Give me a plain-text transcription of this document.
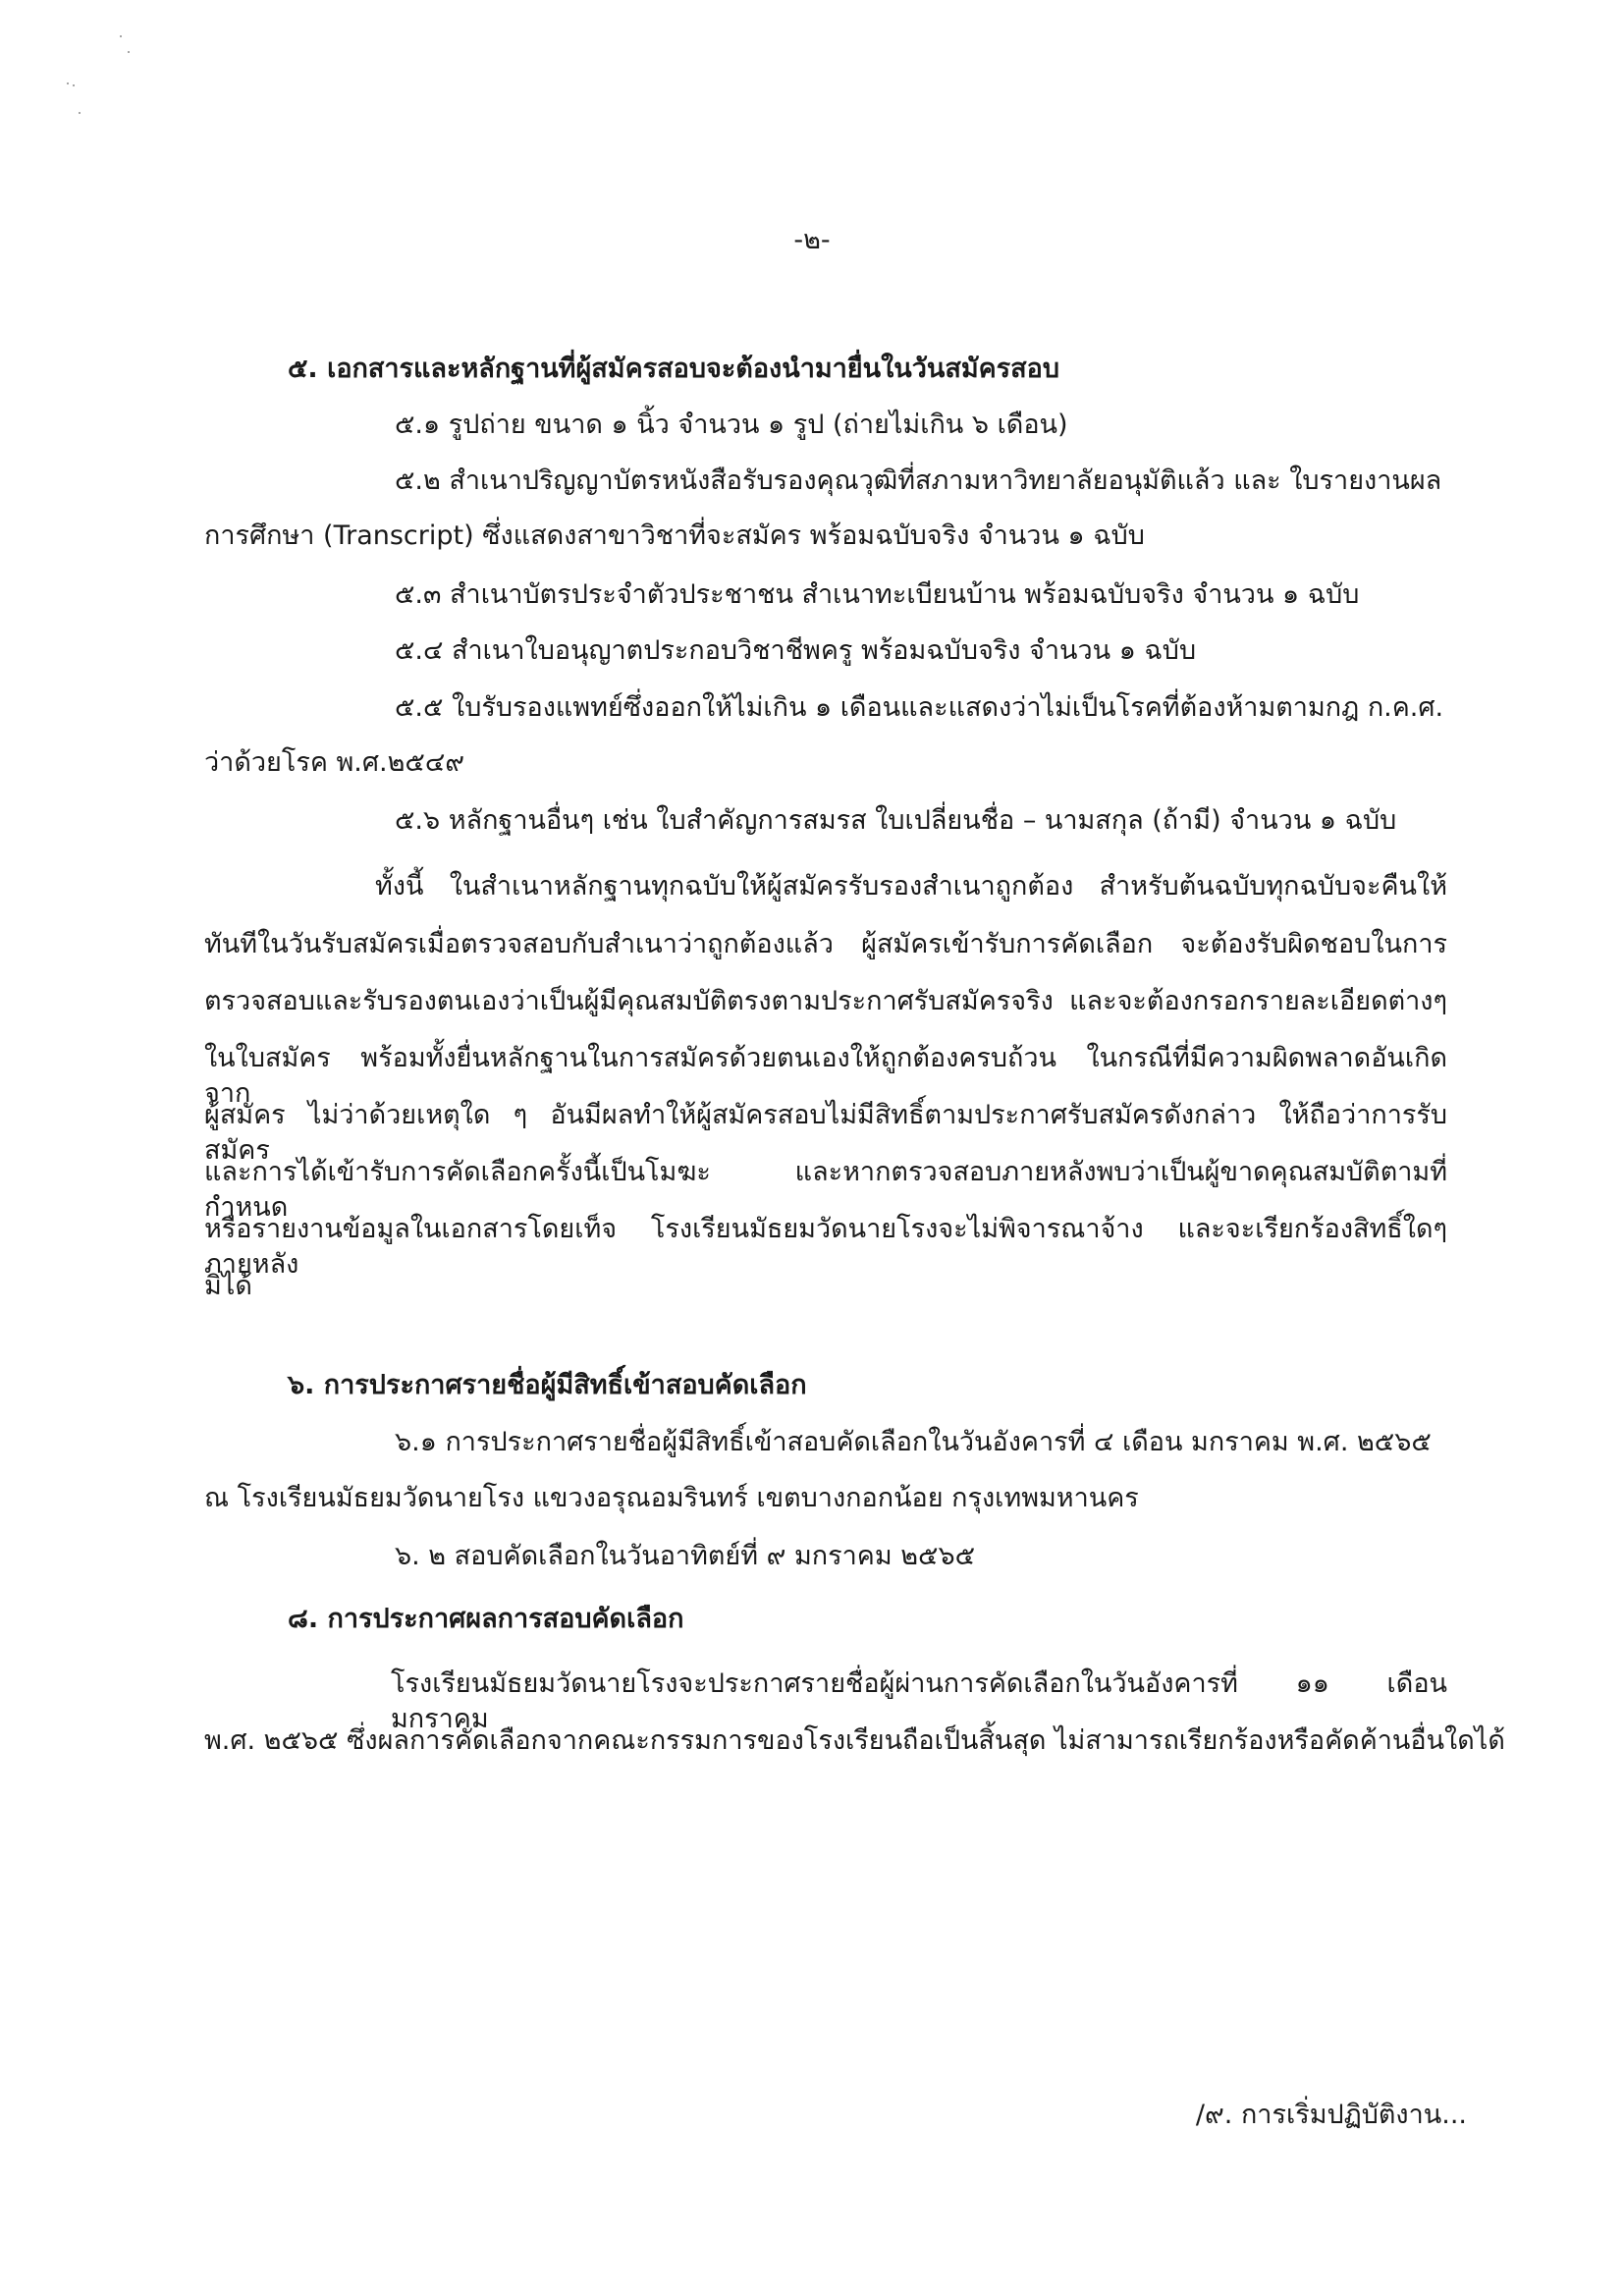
-๒-
๕. เอกสารและหลักฐานที่ผู้สมัครสอบจะต้องนำมายื่นในวันสมัครสอบ
๕.๑ รูปถ่าย ขนาด ๑ นิ้ว จำนวน ๑ รูป (ถ่ายไม่เกิน ๖ เดือน)
๕.๒ สำเนาปริญญาบัตรหนังสือรับรองคุณวุฒิที่สภามหาวิทยาลัยอนุมัติแล้ว และ ใบรายงานผล
การศึกษา (Transcript) ซึ่งแสดงสาขาวิชาที่จะสมัคร พร้อมฉบับจริง จำนวน ๑ ฉบับ
๕.๓ สำเนาบัตรประจำตัวประชาชน สำเนาทะเบียนบ้าน พร้อมฉบับจริง จำนวน ๑ ฉบับ
๕.๔ สำเนาใบอนุญาตประกอบวิชาชีพครู พร้อมฉบับจริง จำนวน ๑ ฉบับ
๕.๕ ใบรับรองแพทย์ซึ่งออกให้ไม่เกิน ๑ เดือนและแสดงว่าไม่เป็นโรคที่ต้องห้ามตามกฎ ก.ค.ศ.
ว่าด้วยโรค พ.ศ.๒๕๔๙
๕.๖ หลักฐานอื่นๆ เช่น ใบสำคัญการสมรส ใบเปลี่ยนชื่อ – นามสกุล (ถ้ามี) จำนวน ๑ ฉบับ
ทั้งนี้ ในสำเนาหลักฐานทุกฉบับให้ผู้สมัครรับรองสำเนาถูกต้อง สำหรับต้นฉบับทุกฉบับจะคืนให้
ทันทีในวันรับสมัครเมื่อตรวจสอบกับสำเนาว่าถูกต้องแล้ว ผู้สมัครเข้ารับการคัดเลือก จะต้องรับผิดชอบในการ
ตรวจสอบและรับรองตนเองว่าเป็นผู้มีคุณสมบัติตรงตามประกาศรับสมัครจริง และจะต้องกรอกรายละเอียดต่างๆ
ในใบสมัคร พร้อมทั้งยื่นหลักฐานในการสมัครด้วยตนเองให้ถูกต้องครบถ้วน ในกรณีที่มีความผิดพลาดอันเกิดจาก
ผู้สมัคร ไม่ว่าด้วยเหตุใด ๆ อันมีผลทำให้ผู้สมัครสอบไม่มีสิทธิ์ตามประกาศรับสมัครดังกล่าว ให้ถือว่าการรับสมัคร
และการได้เข้ารับการคัดเลือกครั้งนี้เป็นโมฆะ และหากตรวจสอบภายหลังพบว่าเป็นผู้ขาดคุณสมบัติตามที่กำหนด
หรือรายงานข้อมูลในเอกสารโดยเท็จ โรงเรียนมัธยมวัดนายโรงจะไม่พิจารณาจ้าง และจะเรียกร้องสิทธิ์ใดๆ ภายหลัง
มิได้
๖. การประกาศรายชื่อผู้มีสิทธิ์เข้าสอบคัดเลือก
๖.๑ การประกาศรายชื่อผู้มีสิทธิ์เข้าสอบคัดเลือกในวันอังคารที่ ๔ เดือน มกราคม พ.ศ. ๒๕๖๕
ณ โรงเรียนมัธยมวัดนายโรง แขวงอรุณอมรินทร์ เขตบางกอกน้อย กรุงเทพมหานคร
๖. ๒ สอบคัดเลือกในวันอาทิตย์ที่ ๙ มกราคม ๒๕๖๕
๘. การประกาศผลการสอบคัดเลือก
โรงเรียนมัธยมวัดนายโรงจะประกาศรายชื่อผู้ผ่านการคัดเลือกในวันอังคารที่ ๑๑ เดือน มกราคม
พ.ศ. ๒๕๖๕ ซึ่งผลการคัดเลือกจากคณะกรรมการของโรงเรียนถือเป็นสิ้นสุด ไม่สามารถเรียกร้องหรือคัดค้านอื่นใดได้
/๙. การเริ่มปฏิบัติงาน...
